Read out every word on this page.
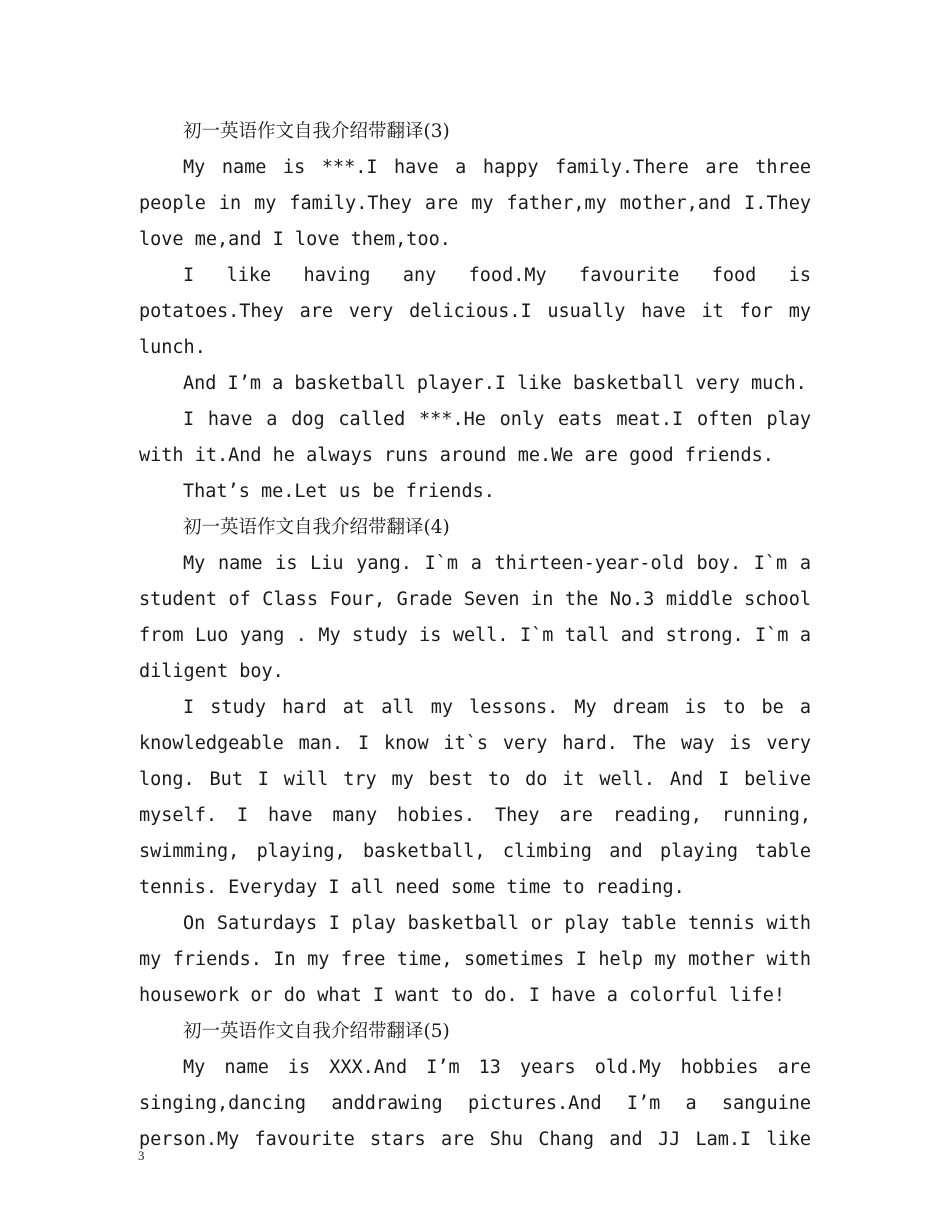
初一英语作文自我介绍带翻译(3)

My name is ***.I have a happy family.There are three people in my family.They are my father,my mother,and I.They love me,and I love them,too.

I like having any food.My favourite food is potatoes.They are very delicious.I usually have it for my lunch.

And I’m a basketball player.I like basketball very much.

I have a dog called ***.He only eats meat.I often play with it.And he always runs around me.We are good friends.

That’s me.Let us be friends.

初一英语作文自我介绍带翻译(4)

My name is Liu yang. I`m a thirteen-year-old boy. I`m a student of Class Four, Grade Seven in the No.3 middle school from Luo yang . My study is well. I`m tall and strong. I`m a diligent boy.

I study hard at all my lessons. My dream is to be a knowledgeable man. I know it`s very hard. The way is very long. But I will try my best to do it well. And I belive myself. I have many hobies. They are reading, running, swimming, playing, basketball, climbing and playing table tennis. Everyday I all need some time to reading.

On Saturdays I play basketball or play table tennis with my friends. In my free time, sometimes I help my mother with housework or do what I want to do. I have a colorful life!

初一英语作文自我介绍带翻译(5)

My name is XXX.And I’m 13 years old.My hobbies are singing,dancing anddrawing pictures.And I’m a sanguine person.My favourite stars are Shu Chang and JJ Lam.I like

3
